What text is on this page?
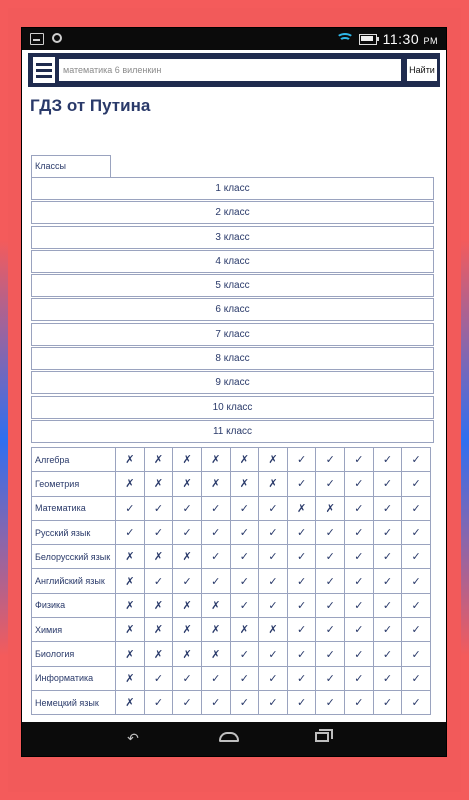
11:30 PM
математика 6 виленкин	Найти
ГДЗ от Путина
Классы
1 класс
2 класс
3 класс
4 класс
5 класс
6 класс
7 класс
8 класс
9 класс
10 класс
11 класс
Алгебра	✗	✗	✗	✗	✗	✗	✓	✓	✓	✓	✓
Геометрия	✗	✗	✗	✗	✗	✗	✓	✓	✓	✓	✓
Математика	✓	✓	✓	✓	✓	✓	✗	✗	✓	✓	✓
Русский язык	✓	✓	✓	✓	✓	✓	✓	✓	✓	✓	✓
Белорусский язык	✗	✗	✗	✓	✓	✓	✓	✓	✓	✓	✓
Английский язык	✗	✓	✓	✓	✓	✓	✓	✓	✓	✓	✓
Физика	✗	✗	✗	✗	✓	✓	✓	✓	✓	✓	✓
Химия	✗	✗	✗	✗	✗	✗	✓	✓	✓	✓	✓
Биология	✗	✗	✗	✗	✓	✓	✓	✓	✓	✓	✓
Информатика	✗	✓	✓	✓	✓	✓	✓	✓	✓	✓	✓
Немецкий язык	✗	✓	✓	✓	✓	✓	✓	✓	✓	✓	✓
↶
